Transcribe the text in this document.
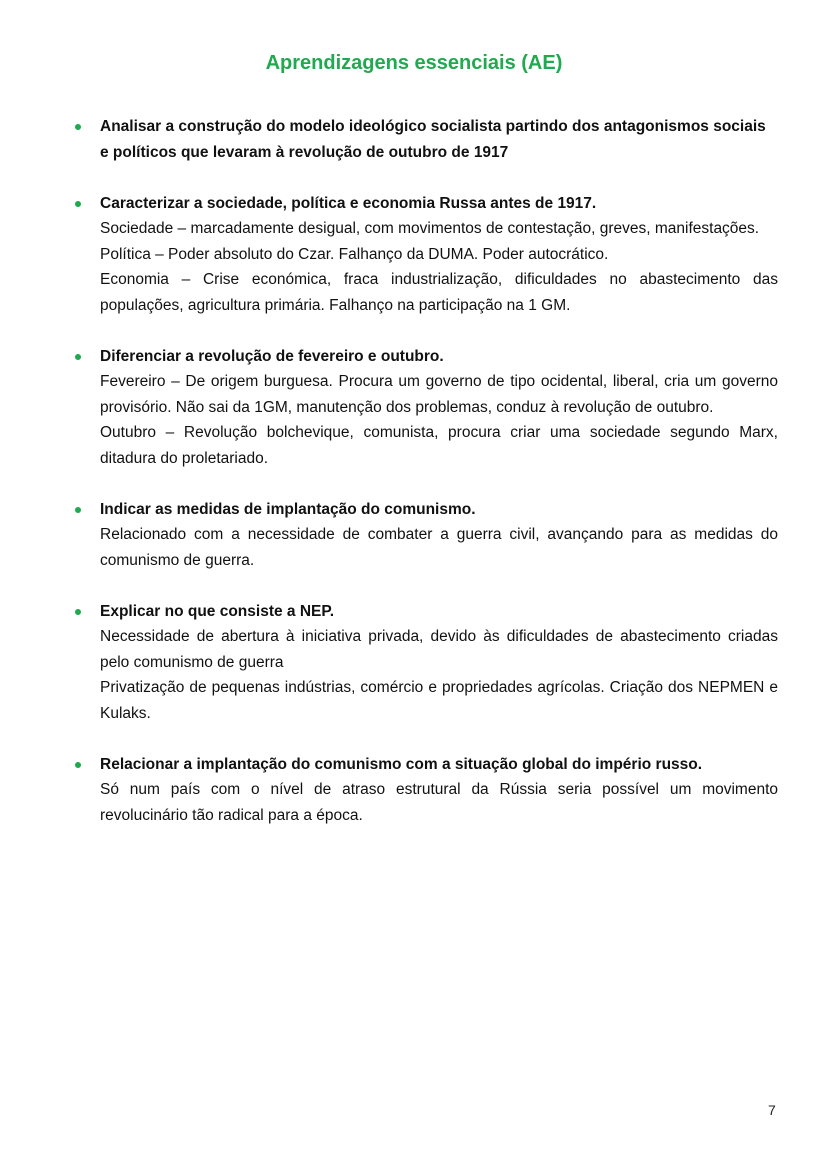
Aprendizagens essenciais (AE)
Analisar a construção do modelo ideológico socialista partindo dos antagonismos sociais e políticos que levaram à revolução de outubro de 1917
Caracterizar a sociedade, política e economia Russa antes de 1917.
Sociedade – marcadamente desigual, com movimentos de contestação, greves, manifestações.
Política – Poder absoluto do Czar. Falhanço da DUMA. Poder autocrático.
Economia – Crise económica, fraca industrialização, dificuldades no abastecimento das populações, agricultura primária. Falhanço na participação na 1 GM.
Diferenciar a revolução de fevereiro e outubro.
Fevereiro – De origem burguesa. Procura um governo de tipo ocidental, liberal, cria um governo provisório. Não sai da 1GM, manutenção dos problemas, conduz à revolução de outubro.
Outubro – Revolução bolchevique, comunista, procura criar uma sociedade segundo Marx, ditadura do proletariado.
Indicar as medidas de implantação do comunismo.
Relacionado com a necessidade de combater a guerra civil, avançando para as medidas do comunismo de guerra.
Explicar no que consiste a NEP.
Necessidade de abertura à iniciativa privada, devido às dificuldades de abastecimento criadas pelo comunismo de guerra
Privatização de pequenas indústrias, comércio e propriedades agrícolas. Criação dos NEPMEN e Kulaks.
Relacionar a implantação do comunismo com a situação global do império russo.
Só num país com o nível de atraso estrutural da Rússia seria possível um movimento revolucinário tão radical para a época.
7
